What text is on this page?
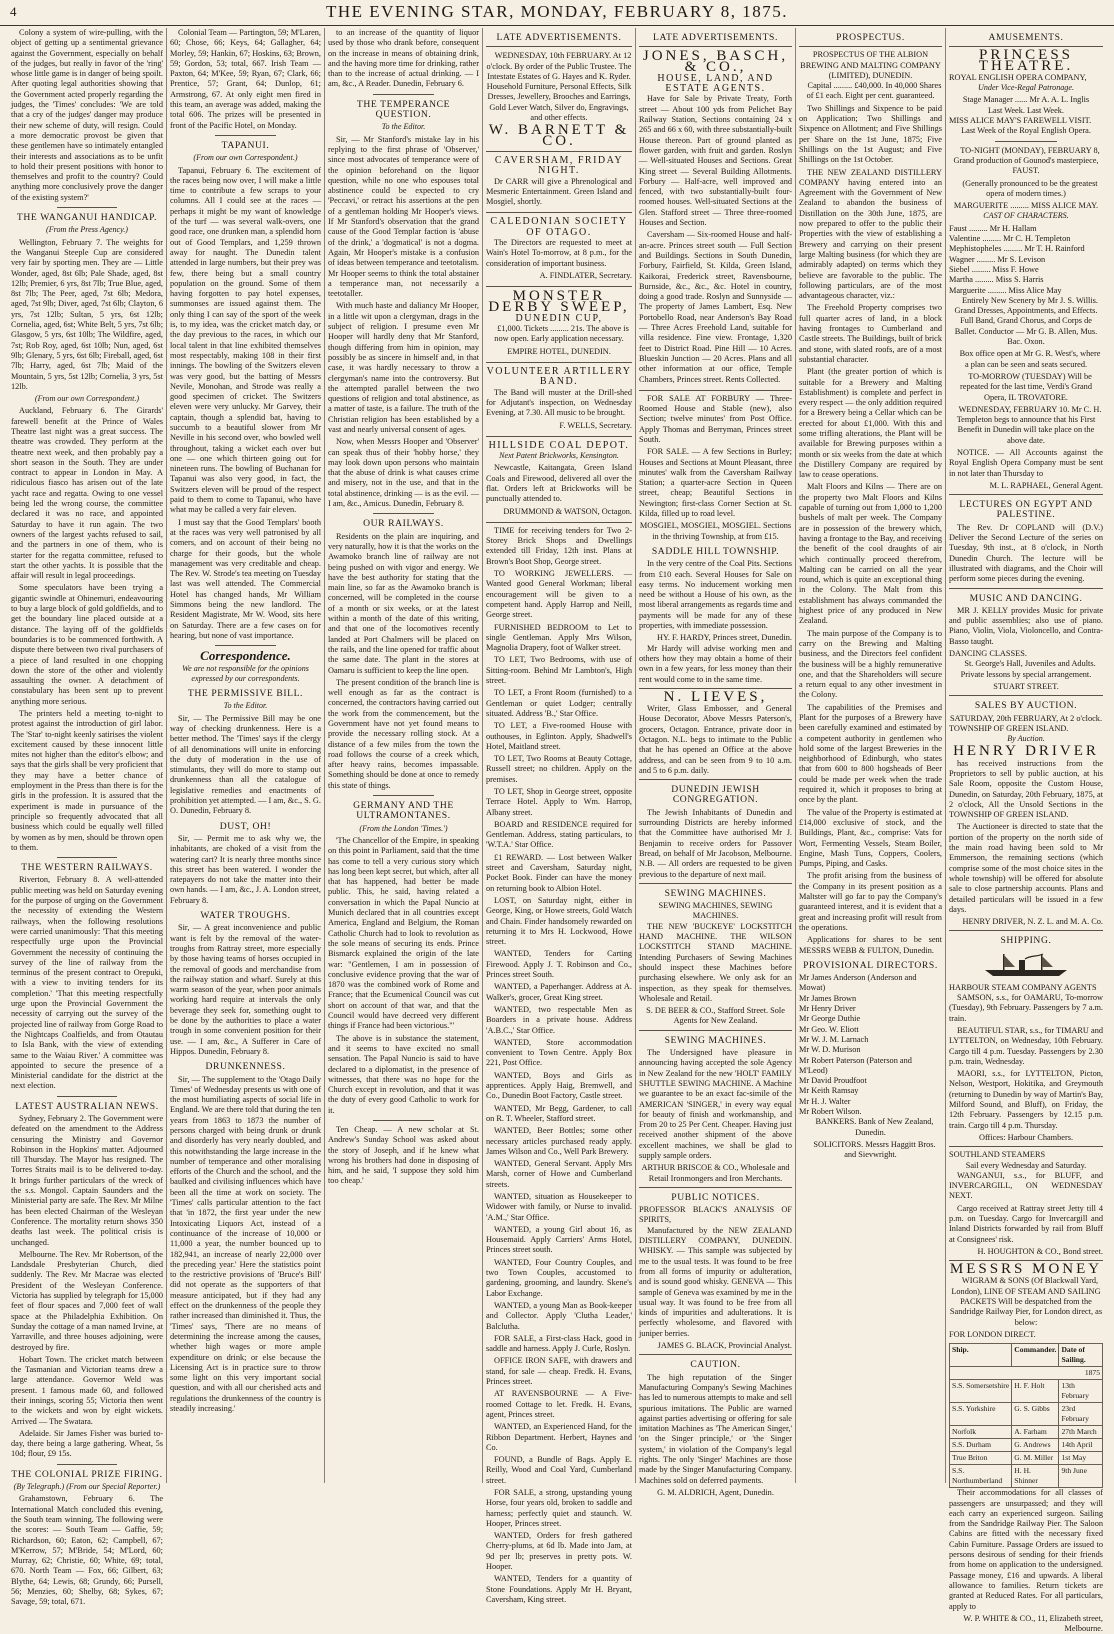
4	THE EVENING STAR, MONDAY, FEBRUARY 8, 1875.

Colony a system of wire-pulling, with the object of getting up a sentimental grievance against the Government, especially on behalf of the judges, but really in favor of the 'ring' whose little game is in danger of being spoilt. After quoting legal authorities showing that the Government acted properly regarding the judges, the 'Times' concludes: 'We are told that a cry of the judges' danger may produce their new scheme of duty, will resign. Could a more democratic provost be given that these gentlemen have so intimately entangled their interests and associations as to be unfit to hold their present positions with honor to themselves and profit to the country? Could anything more conclusively prove the danger of the existing system?'

THE WANGANUI HANDICAP.
(From the Press Agency.)

Wellington, February 7. The weights for the Wanganui Steeple Cup are considered very fair by sporting men. They are — Little Wonder, aged, 8st 6lb; Pale Shade, aged, 8st 12lb; Premier, 6 yrs, 8st 7lb; True Blue, aged, 8st 7lb; The Peer, aged, 7st 6lb; Medora, aged, 7st 9lb; Diver, aged, 7st 6lb; Clayton, 6 yrs, 7st 12lb; Sultan, 5 yrs, 6st 12lb; Cornelia, aged, 6st; White Belt, 5 yrs, 7st 6lb; Glasgow, 5 yrs, 6st 10lb; The Wildfire, aged, 7st; Rob Roy, aged, 6st 10lb; Nun, aged, 6st 9lb; Glenary, 5 yrs, 6st 6lb; Fireball, aged, 6st 7lb; Harry, aged, 6st 7lb; Maid of the Mountain, 5 yrs, 5st 12lb; Cornelia, 3 yrs, 5st 12lb.

(From our own Correspondent.)

Auckland, February 6. The Girards' farewell benefit at the Prince of Wales Theatre last night was a great success. The theatre was crowded. They perform at the theatre next week, and then probably pay a short season in the South. They are under contract to appear in London in May. A ridiculous fiasco has arisen out of the late yacht race and regatta. Owing to one vessel being led the wrong course, the committee declared it was no race, and appointed Saturday to have it run again. The two owners of the largest yachts refused to sail, and the partners in one of them, who is starter for the regatta committee, refused to start the other yachts. It is possible that the affair will result in legal proceedings.

Some speculators have been trying a gigantic swindle at Ohinemuri, endeavouring to buy a large block of gold goldfields, and to get the boundary line placed outside at a distance. The laying off of the goldfields boundaries is to be commenced forthwith. A dispute there between two rival purchasers of a piece of land resulted in one chopping down the store of the other and violently assaulting the owner. A detachment of constabulary has been sent up to prevent anything more serious.

The printers held a meeting to-night to protest against the introduction of girl labor. The 'Star' to-night keenly satirises the violent excitement caused by these innocent little mites not higher than the editor's elbow; and says that the girls shall be very proficient that they may have a better chance of employment in the Press than there is for the girls in the profession. It is assured that the experiment is made in pursuance of the principle so frequently advocated that all business which could be equally well filled by women as by men, should be thrown open to them.

THE WESTERN RAILWAYS.

Riverton, February 8. A well-attended public meeting was held on Saturday evening for the purpose of urging on the Government the necessity of extending the Western railways, when the following resolutions were carried unanimously: 'That this meeting respectfully urge upon the Provincial Government the necessity of continuing the survey of the line of railway from the terminus of the present contract to Orepuki, with a view to inviting tenders for its completion.' 'That this meeting respectfully urge upon the Provincial Government the necessity of carrying out the survey of the projected line of railway from Gorge Road to the Nightcaps Coalfields, and from Otautau to Isla Bank, with the view of extending same to the Waiau River.' A committee was appointed to secure the presence of a Ministerial candidate for the district at the next election.

LATEST AUSTRALIAN NEWS.

Sydney, February 2. The Government were defeated on the amendment to the Address censuring the Ministry and Governor Robinson in the Hopkins' matter. Adjourned till Thursday. The Mayor has resigned. The Torres Straits mail is to be delivered to-day. It brings further particulars of the wreck of the s.s. Mongol. Captain Saunders and the Ministerial party are safe. The Rev. Mr Milne has been elected Chairman of the Wesleyan Conference. The mortality return shows 350 deaths last week. The political crisis is unchanged.

Melbourne. The Rev. Mr Robertson, of the Landsdale Presbyterian Church, died suddenly. The Rev. Mr Macrae was elected President of the Wesleyan Conference. Victoria has supplied by telegraph for 15,000 feet of flour spaces and 7,000 feet of wall space at the Philadelphia Exhibition. On Sunday the cottage of a man named Irvine, at Yarraville, and three houses adjoining, were destroyed by fire.

Hobart Town. The cricket match between the Tasmanian and Victorian teams drew a large attendance. Governor Weld was present. 1 famous made 60, and followed their innings, scoring 55; Victoria then went to the wickets and won by eight wickets. Arrived — The Swatara.

Adelaide. Sir James Fisher was buried to-day, there being a large gathering. Wheat, 5s 10d; flour, £9 15s.

THE COLONIAL PRIZE FIRING.
(By Telegraph.) (From our Special Reporter.)

Grahamstown, February 6. The International Match concluded this evening, the South team winning. The following were the scores: — South Team — Gaffie, 59; Richardson, 60; Eaton, 62; Campbell, 67; M'Kerrow, 57; M'Bride, 54; M'Lord, 60; Murray, 62; Christie, 60; White, 69; total, 670. North Team — Fox, 66; Gilbert, 63; Blythe, 64; Lewis, 68; Grundy, 66; Pursell, 56; Menzies, 60; Shelby, 68; Sykes, 67; Savage, 59; total, 671.

Colonial Team — Partington, 59; M'Laren, 60; Chose, 66; Keys, 64; Gallagher, 64; Morley, 59; Hankin, 67; Hoskins, 63; Brown, 59; Gordon, 53; total, 667. Irish Team — Paxton, 64; M'Kee, 59; Ryan, 67; Clark, 66; Prentice, 57; Grant, 64; Dunlop, 61; Armstrong, 67. At only eight men fired in this team, an average was added, making the total 606. The prizes will be presented in front of the Pacific Hotel, on Monday.

TAPANUI.
(From our own Correspondent.)

Tapanui, February 6. The excitement of the races being now over, I will make a little time to contribute a few scraps to your columns. All I could see at the races — perhaps it might be my want of knowledge of the turf — was several walk-overs, one good race, one drunken man, a splendid horn out of Good Templars, and 1,259 thrown away for naught. The Dunedin talent attended in large numbers, but their prey was few, there being but a small country population on the ground. Some of them having forgotten to pay hotel expenses, summonses are issued against them. The only thing I can say of the sport of the week is, to my idea, was the cricket match day, or the day previous to the races, in which our local talent in that line exhibited themselves most respectably, making 108 in their first innings. The bowling of the Switzers eleven was very good, but the batting of Messrs Nevile, Monohan, and Strode was really a good specimen of cricket. The Switzers eleven were very unlucky. Mr Garvey, their captain, though a splendid bat, having to succumb to a beautiful slower from Mr Neville in his second over, who bowled well throughout, taking a wicket each over but one — one which thirteen going out for nineteen runs. The bowling of Buchanan for Tapanui was also very good, in fact, the Switzers eleven will be proud of the respect paid to them to come to Tapanui, who have what may be called a very fair eleven.

I must say that the Good Templars' booth at the races was very well patronised by all comers, and on account of their being no charge for their goods, but the whole management was very creditable and cheap. The Rev. W. Strode's tea meeting on Tuesday last was well attended. The Commercial Hotel has changed hands, Mr William Simmons being the new landlord. The Resident Magistrate, Mr W. Wood, sits here on Saturday. There are a few cases on for hearing, but none of vast importance.

Correspondence.
We are not responsible for the opinions expressed by our correspondents.
THE PERMISSIVE BILL.
To the Editor.

Sir, — The Permissive Bill may be one way of checking drunkenness. Here is a better method. The 'Times' says if the clergy of all denominations will unite in enforcing the duty of moderation in the use of stimulants, they will do more to stamp out drunkenness than all the catalogue of legislative remedies and enactments of prohibition yet attempted. — I am, &c., S. G. O. Dunedin, February 8.

DUST, OH!

Sir, — Permit me to ask why we, the inhabitants, are choked of a visit from the watering cart? It is nearly three months since this street has been watered. I wonder the ratepayers do not take the matter into their own hands. — I am, &c., J. A. London street, February 8.

WATER TROUGHS.

Sir, — A great inconvenience and public want is felt by the removal of the water-troughs from Rattray street, more especially by those having teams of horses occupied in the removal of goods and merchandise from the railway station and wharf. Surely at this warm season of the year, when poor animals working hard require at intervals the only beverage they seek for, something ought to be done by the authorities to place a water trough in some convenient position for their use. — I am, &c., A Sufferer in Care of Hippos. Dunedin, February 8.

DRUNKENNESS.

Sir, — The supplement to the 'Otago Daily Times' of Wednesday presents us with one of the most humiliating aspects of social life in England. We are there told that during the ten years from 1863 to 1873 the number of persons charged with being drunk or drunk and disorderly has very nearly doubled, and this notwithstanding the large increase in the number of temperance and other moralising efforts of the Church and the school, and the baulked and civilising influences which have been all the time at work on society. The 'Times' calls particular attention to the fact that 'in 1872, the first year under the new Intoxicating Liquors Act, instead of a continuance of the increase of 10,000 or 11,000 a year, the number bounced up to 182,941, an increase of nearly 22,000 over the preceding year.' Here the statistics point to the restrictive provisions of 'Bruce's Bill' did not operate as the supporters of that measure anticipated, but if they had any effect on the drunkenness of the people they rather increased than diminished it. Thus, the 'Times' says, 'There are no means of determining the increase among the causes, whether high wages or more ample expenditure on drink; or else because the Licensing Act is in practice sure to throw some light on this very important social question, and with all our cherished acts and regulations the drunkenness of the country is steadily increasing.'

to an increase of the quantity of liquor used by those who drank before, consequent on the increase in means of obtaining drink, and the having more time for drinking, rather than to the increase of actual drinking. — I am, &c., A Reader. Dunedin, February 6.

THE TEMPERANCE QUESTION.
To the Editor.

Sir, — Mr Stanford's mistake lay in his replying to the first phrase of 'Observer,' since most advocates of temperance were of the opinion beforehand on the liquor question, while no one who espouses total abstinence could be expected to cry 'Peccavi,' or retract his assertions at the pen of a gentleman holding Mr Hooper's views. If Mr Stanford's observation that the grand cause of the Good Templar faction is 'abuse of the drink,' a 'dogmatical' is not a dogma. Again, Mr Hooper's mistake is a confusion of ideas between temperance and teetotalism. Mr Hooper seems to think the total abstainer a temperance man, not necessarily a teetotaller.

With much haste and daliancy Mr Hooper, in a little wit upon a clergyman, drags in the subject of religion. I presume even Mr Hooper will hardly deny that Mr Stanford, though differing from him in opinion, may possibly be as sincere in himself and, in that case, it was hardly necessary to throw a clergyman's name into the controversy. But the attempted parallel between the two questions of religion and total abstinence, as a matter of taste, is a failure. The truth of the Christian religion has been established by a vast and nearly universal consent of ages.

Now, when Messrs Hooper and 'Observer' can speak thus of their 'hobby horse,' they may look down upon persons who maintain that the abuse of drink is what causes crime and misery, not in the use, and that in the total abstinence, drinking — is as the evil. — I am, &c., Amicus. Dunedin, February 8.

OUR RAILWAYS.

Residents on the plain are inquiring, and very naturally, how it is that the works on the Awamoko branch line of railway are not being pushed on with vigor and energy. We have the best authority for stating that the main line, so far as the Awamoko branch is concerned, will be completed in the course of a month or six weeks, or at the latest within a month of the date of this writing, and that one of the locomotives recently landed at Port Chalmers will be placed on the rails, and the line opened for traffic about the same date. The plant in the stores at Oamaru is sufficient to keep the line open.

The present condition of the branch line is well enough as far as the contract is concerned, the contractors having carried out the work from the commencement, but the Government have not yet found means to provide the necessary rolling stock. At a distance of a few miles from the town the road follows the course of a creek which, after heavy rains, becomes impassable. Something should be done at once to remedy this state of things.

GERMANY AND THE ULTRAMONTANES.
(From the London 'Times.')

'The Chancellor of the Empire, in speaking on this point in Parliament, said that the time has come to tell a very curious story which has long been kept secret, but which, after all that has happened, had better be made public. This, he said, having related a conversation in which the Papal Nuncio at Munich declared that in all countries except America, England and Belgium, the Roman Catholic Church had to look to revolution as the sole means of securing its ends. Prince Bismarck explained the origin of the late war: "Gentlemen, I am in possession of conclusive evidence proving that the war of 1870 was the combined work of Rome and France; that the Ecumenical Council was cut short on account of that war, and that the Council would have decreed very different things if France had been victorious."'

The above is in substance the statement, and it seems to have excited no small sensation. The Papal Nuncio is said to have declared to a diplomatist, in the presence of witnesses, that there was no hope for the Church except in revolution, and that it was the duty of every good Catholic to work for it.

Ten Cheap. — A new scholar at St. Andrew's Sunday School was asked about the story of Joseph, and if he knew what wrong his brothers had done in disposing of him, and he said, 'I suppose they sold him too cheap.'

LATE ADVERTISEMENTS.

WEDNESDAY, 10th FEBRUARY. At 12 o'clock. By order of the Public Trustee. The Intestate Estates of G. Hayes and K. Ryder. Household Furniture, Personal Effects, Silk Dresses, Jewellery, Brooches and Earrings, Gold Lever Watch, Silver do, Engravings, and other effects.

W. BARNETT & CO.
CAVERSHAM, FRIDAY NIGHT.

Dr CARR will give a Phrenological and Mesmeric Entertainment. Green Island and Mosgiel, shortly.

CALEDONIAN SOCIETY OF OTAGO.

The Directors are requested to meet at Wain's Hotel To-morrow, at 8 p.m., for the consideration of important business.

A. FINDLATER, Secretary.
MONSTER DERBY SWEEP,
DUNEDIN CUP,

£1,000. Tickets ......... 21s. The above is now open. Early application necessary.

EMPIRE HOTEL, DUNEDIN.
VOLUNTEER ARTILLERY BAND.

The Band will muster at the Drill-shed for Adjutant's inspection, on Wednesday Evening, at 7.30. All music to be brought.

F. WELLS, Secretary.
HILLSIDE COAL DEPOT.
Next Patent Brickworks, Kensington.

Newcastle, Kaitangata, Green Island Coals and Firewood, delivered all over the flat. Orders left at Brickworks will be punctually attended to.

DRUMMOND & WATSON, Octagon.

TIME for receiving tenders for Two 2-Storey Brick Shops and Dwellings extended till Friday, 12th inst. Plans at Brown's Boot Shop, George street.

TO WORKING JEWELLERS. — Wanted good General Workman; liberal encouragement will be given to a competent hand. Apply Harrop and Neill, George street.

FURNISHED BEDROOM to Let to single Gentleman. Apply Mrs Wilson, Magnolia Drapery, foot of Walker street.

TO LET, Two Bedrooms, with use of Sitting-room. Behind Mr Lambton's, High street.

TO LET, a Front Room (furnished) to a Gentleman or quiet Lodger; centrally situated. Address 'B.,' Star Office.

TO LET, a Five-roomed House with outhouses, in Eglinton. Apply, Shadwell's Hotel, Maitland street.

TO LET, Two Rooms at Beauty Cottage, Russell street; no children. Apply on the premises.

TO LET, Shop in George street, opposite Terrace Hotel. Apply to Wm. Harrop, Albany street.

BOARD and RESIDENCE required for Gentleman. Address, stating particulars, to 'W.T.A.' Star Office.

£1 REWARD. — Lost between Walker street and Caversham, Saturday night, Pocket Book. Finder can have the money on returning book to Albion Hotel.

LOST, on Saturday night, either in George, King, or Howe streets, Gold Watch and Chain. Finder handsomely rewarded on returning it to Mrs H. Lockwood, Howe street.

WANTED, Tenders for Carting Firewood. Apply J. T. Robinson and Co., Princes street South.

WANTED, a Paperhanger. Address at A. Walker's, grocer, Great King street.

WANTED, two respectable Men as Boarders in a private house. Address 'A.B.C.,' Star Office.

WANTED, Store accommodation convenient to Town Centre. Apply Box 221, Post Office.

WANTED, Boys and Girls as apprentices. Apply Haig, Bremwell, and Co., Dunedin Boot Factory, Castle street.

WANTED, Mr Begg, Gardener, to call on R. T. Wheeler, Stafford street.

WANTED, Beer Bottles; some other necessary articles purchased ready apply. James Wilson and Co., Well Park Brewery.

WANTED, General Servant. Apply Mrs Marsh, corner of Howe and Cumberland streets.

WANTED, situation as Housekeeper to Widower with family, or Nurse to invalid. 'A.M.,' Star Office.

WANTED, a young Girl about 16, as Housemaid. Apply Carriers' Arms Hotel, Princes street south.

WANTED, Four Country Couples, and two Town Couples, accustomed to gardening, grooming, and laundry. Skene's Labor Exchange.

WANTED, a young Man as Book-keeper and Collector. Apply 'Clutha Leader,' Balclutha.

FOR SALE, a First-class Hack, good in saddle and harness. Apply J. Curle, Roslyn.

OFFICE IRON SAFE, with drawers and stand, for sale — cheap. Fredk. H. Evans, Princes street.

AT RAVENSBOURNE — A Five-roomed Cottage to let. Fredk. H. Evans, agent, Princes street.

WANTED, an Experienced Hand, for the Ribbon Department. Herbert, Haynes and Co.

FOUND, a Bundle of Bags. Apply E. Reilly, Wood and Coal Yard, Cumberland street.

FOR SALE, a strong, upstanding young Horse, four years old, broken to saddle and harness; perfectly quiet and staunch. W. Hooper, Princes street.

WANTED, Orders for fresh gathered Cherry-plums, at 6d lb. Made into Jam, at 9d per lb; preserves in pretty pots. W. Hooper.

WANTED, Tenders for a quantity of Stone Foundations. Apply Mr H. Bryant, Caversham, King street.

LATE ADVERTISEMENTS.
JONES, BASCH, & CO.,
HOUSE, LAND, AND ESTATE AGENTS.

Have for Sale by Private Treaty, Forth street — About 100 yds from Pelichet Bay Railway Station, Sections containing 24 x 265 and 66 x 60, with three substantially-built House thereon. Part of ground planted as flower garden, with fruit and garden. Roslyn — Well-situated Houses and Sections. Great King street — Several Building Allotments. Forbury — Half-acre, well improved and fenced, with two substantially-built four-roomed houses. Well-situated Sections at the Glen. Stafford street — Three three-roomed Houses and Section.

Caversham — Six-roomed House and half-an-acre. Princes street south — Full Section and Buildings. Sections in South Dunedin, Forbury, Fairfield, St. Kilda, Green Island, Kaikorai, Frederick street, Ravensbourne, Burnside, &c., &c., &c. Hotel in country, doing a good trade. Roslyn and Sunnyside — The property of James Lambert, Esq. New Portobello Road, near Anderson's Bay Road — Three Acres Freehold Land, suitable for villa residence. Fine view. Frontage, 1,320 feet to District Road. Pine Hill — 10 Acres. Blueskin Junction — 20 Acres. Plans and all other information at our office, Temple Chambers, Princes street. Rents Collected.

FOR SALE AT FORBURY — Three-Roomed House and Stable (new), also Section; twelve minutes' from Post Office. Apply Thomas and Berryman, Princes street South.

FOR SALE. — A few Sections in Burley; Houses and Sections at Mount Pleasant, three minutes' walk from the Caversham Railway Station; a quarter-acre Section in Queen street, cheap; Beautiful Sections in Newington; first-class Corner Section at St. Kilda, filled up to road level.

MOSGIEL, MOSGIEL, MOSGIEL. Sections in the thriving Township, at from £15.
SADDLE HILL TOWNSHIP.

In the very centre of the Coal Pits. Sections from £10 each. Several Houses for Sale on easy terms. No inducement working men need be without a House of his own, as the most liberal arrangements as regards time and payments will be made for any of these properties, with immediate possession.

HY. F. HARDY, Princes street, Dunedin.

Mr Hardy will advise working men and others how they may obtain a home of their own in a few years, for less money than their rent would come to in the same time.

N. LIEVES,

Writer, Glass Embosser, and General House Decorator, Above Messrs Paterson's, grocers, Octagon. Entrance, private door in Octagon. N.L. begs to intimate to the Public that he has opened an Office at the above address, and can be seen from 9 to 10 a.m. and 5 to 6 p.m. daily.

DUNEDIN JEWISH CONGREGATION.

The Jewish Inhabitants of Dunedin and surrounding Districts are hereby informed that the Committee have authorised Mr J. Benjamin to receive orders for Passover Bread, on behalf of Mr Jacobson, Melbourne. N.B. — All orders are requested to be given previous to the departure of next mail.

SEWING MACHINES.
SEWING MACHINES, SEWING MACHINES.

THE NEW 'BUCKEYE' LOCKSTITCH HAND MACHINE. THE WILSON LOCKSTITCH STAND MACHINE. Intending Purchasers of Sewing Machines should inspect these Machines before purchasing elsewhere. We only ask for an inspection, as they speak for themselves. Wholesale and Retail.

S. DE BEER & CO., Stafford Street. Sole Agents for New Zealand.
SEWING MACHINES.

The Undersigned have pleasure in announcing having accepted the sole Agency in New Zealand for the new 'HOLT' FAMILY SHUTTLE SEWING MACHINE. A Machine we guarantee to be an exact fac-simile of the AMERICAN 'SINGER,' in every way equal for beauty of finish and workmanship, and From 20 to 25 Per Cent. Cheaper. Having just received another shipment of the above excellent machines, we shall be glad to supply sample orders.

ARTHUR BRISCOE & CO., Wholesale and Retail Ironmongers and Iron Merchants.
PUBLIC NOTICES.
PROFESSOR BLACK'S ANALYSIS OF SPIRITS,

Manufactured by the NEW ZEALAND DISTILLERY COMPANY, DUNEDIN. WHISKY. — This sample was subjected by me to the usual tests. It was found to be free from all forms of impurity or adulteration, and is sound good whisky. GENEVA — This sample of Geneva was examined by me in the usual way. It was found to be free from all kinds of impurities and adulterations. It is perfectly wholesome, and flavored with juniper berries.

JAMES G. BLACK, Provincial Analyst.
CAUTION.

The high reputation of the Singer Manufacturing Company's Sewing Machines has led to numerous attempts to make and sell spurious imitations. The Public are warned against parties advertising or offering for sale imitation Machines as 'The American Singer,' 'on the Singer principle,' or 'the Singer system,' in violation of the Company's legal rights. The only 'Singer' Machines are those made by the Singer Manufacturing Company. Machines sold on deferred payments.

G. M. ALDRICH, Agent, Dunedin.
PROSPECTUS.
PROSPECTUS OF THE ALBION BREWING AND MALTING COMPANY (LIMITED), DUNEDIN.

Capital ......... £40,000. In 40,000 Shares of £1 each. Eight per cent. guaranteed.

Two Shillings and Sixpence to be paid on Application; Two Shillings and Sixpence on Allotment; and Five Shillings per Share on the 1st June, 1875; Five Shillings on the 1st August; and Five Shillings on the 1st October.

THE NEW ZEALAND DISTILLERY COMPANY having entered into an Agreement with the Government of New Zealand to abandon the business of Distillation on the 30th June, 1875, are now prepared to offer to the public their Properties with the view of establishing a Brewery and carrying on their present large Malting business (for which they are admirably adapted) on terms which they believe are favorable to the public. The following particulars, are of the most advantageous character, viz.:

The Freehold Property comprises two full quarter acres of land, in a block having frontages to Cumberland and Castle streets. The Buildings, built of brick and stone, with slated roofs, are of a most substantial character.

Plant (the greater portion of which is suitable for a Brewery and Malting Establishment) is complete and perfect in every respect — the only addition required for a Brewery being a Cellar which can be erected for about £1,000. With this and some trifling alterations, the Plant will be available for Brewing purposes within a month or six weeks from the date at which the Distillery Company are required by law to cease operations.

Malt Floors and Kilns — There are on the property two Malt Floors and Kilns capable of turning out from 1,000 to 1,200 bushels of malt per week. The Company are in possession of the brewery which, having a frontage to the Bay, and receiving the benefit of the cool draughts of air which continually proceed therefrom, Malting can be carried on all the year round, which is quite an exceptional thing in the Colony. The Malt from this establishment has always commanded the highest price of any produced in New Zealand.

The main purpose of the Company is to carry on the Brewing and Malting business, and the Directors feel confident the business will be a highly remunerative one, and that the Shareholders will secure a return equal to any other investment in the Colony.

The capabilities of the Premises and Plant for the purposes of a Brewery have been carefully examined and estimated by a competent authority in gentlemen who hold some of the largest Breweries in the neighborhood of Edinburgh, who states that from 600 to 800 hogsheads of Beer could be made per week when the trade required it, which it proposes to bring at once by the plant.

The value of the Property is estimated at £14,000 exclusive of stock, and the Buildings, Plant, &c., comprise: Vats for Wort, Fermenting Vessels, Steam Boiler, Engine, Mash Tuns, Coppers, Coolers, Pumps, Piping, and Casks.

The profit arising from the business of the Company in its present position as a Maltster will go far to pay the Company's guaranteed interest, and it is evident that a great and increasing profit will result from the operations.

Applications for shares to be sent MESSRS WEBB & FULTON, Dunedin.

PROVISIONAL DIRECTORS.
Mr James Anderson (Anderson and Mowat)
Mr James Brown
Mr Henry Driver
Mr George Duthie
Mr Geo. W. Eliott
Mr W. J. M. Larnach
Mr W. D. Murison
Mr Robert Paterson (Paterson and M'Leod)
Mr David Proudfoot
Mr Keith Ramsay
Mr H. J. Walter
Mr Robert Wilson.

BANKERS. Bank of New Zealand, Dunedin.

SOLICITORS. Messrs Haggitt Bros. and Sievwright.

AMUSEMENTS.
PRINCESS THEATRE.
ROYAL ENGLISH OPERA COMPANY,
Under Vice-Regal Patronage.
Stage Manager ...... Mr A. A. L. Inglis
Last Week. Last Week.
MISS ALICE MAY'S FAREWELL VISIT.
Last Week of the Royal English Opera.

TO-NIGHT (MONDAY), FEBRUARY 8, Grand production of Gounod's masterpiece, FAUST.

(Generally pronounced to be the greatest opera of modern times.)

MARGUERITE ......... MISS ALICE MAY.
CAST OF CHARACTERS.
Faust ......... Mr H. Hallam
Valentine ......... Mr C. H. Templeton
Mephistopheles ......... Mr T. H. Rainford
Wagner ......... Mr S. Levison
Siebel ......... Miss F. Howe
Martha ......... Miss S. Harris
Marguerite ......... Miss Alice May

Entirely New Scenery by Mr J. S. Willis. Grand Dresses, Appointments, and Effects. Full Band, Grand Chorus, and Corps de Ballet. Conductor — Mr G. B. Allen, Mus. Bac. Oxon.

Box office open at Mr G. R. West's, where a plan can be seen and seats secured.

TO-MORROW (TUESDAY) Will be repeated for the last time, Verdi's Grand Opera, IL TROVATORE.

WEDNESDAY, FEBRUARY 10. Mr C. H. Templeton begs to announce that his First Benefit in Dunedin will take place on the above date.

NOTICE. — All Accounts against the Royal English Opera Company must be sent in not later than Thursday to

M. L. RAPHAEL, General Agent.
LECTURES ON EGYPT AND PALESTINE.

The Rev. Dr COPLAND will (D.V.) Deliver the Second Lecture of the series on Tuesday, 9th inst., at 8 o'clock, in North Dunedin Church. The lecture will be illustrated with diagrams, and the Choir will perform some pieces during the evening.

MUSIC AND DANCING.

MR J. KELLY provides Music for private and public assemblies; also use of piano. Piano, Violin, Viola, Violoncello, and Contra-Basso taught.

DANCING CLASSES.

St. George's Hall, Juveniles and Adults. Private lessons by special arrangement.

STUART STREET.
SALES BY AUCTION.
SATURDAY, 20th FEBRUARY, At 2 o'clock.
TOWNSHIP OF GREEN ISLAND.
By Auction.
HENRY DRIVER

has received instructions from the Proprietors to sell by public auction, at his Sale Room, opposite the Custom House, Dunedin, on Saturday, 20th February, 1875, at 2 o'clock, All the Unsold Sections in the TOWNSHIP OF GREEN ISLAND.

The Auctioneer is directed to state that the portion of the property on the north side of the main road having been sold to Mr Emmerson, the remaining sections (which comprise some of the most choice sites in the whole township) will be offered for absolute sale to close partnership accounts. Plans and detailed particulars will be issued in a few days.

HENRY DRIVER, N. Z. L. and M. A. Co.
SHIPPING.
HARBOUR STEAM COMPANY AGENTS

SAMSON, s.s., for OAMARU, To-morrow (Tuesday), 9th February. Passengers by 7 a.m. train.

BEAUTIFUL STAR, s.s., for TIMARU and LYTTELTON, on Wednesday, 10th February. Cargo till 4 p.m. Tuesday. Passengers by 2.30 p.m. train, Wednesday.

MAORI, s.s., for LYTTELTON, Picton, Nelson, Westport, Hokitika, and Greymouth (returning to Dunedin by way of Martin's Bay, Milford Sound, and Bluff), on Friday, the 12th February. Passengers by 12.15 p.m. train. Cargo till 4 p.m. Thursday.

Offices: Harbour Chambers.
SOUTHLAND STEAMERS
Sail every Wednesday and Saturday.

WANGANUI, s.s., for BLUFF, and INVERCARGILL, ON WEDNESDAY NEXT.

Cargo received at Rattray street Jetty till 4 p.m. on Tuesday. Cargo for Invercargill and Inland Districts forwarded by rail from Bluff at Consignees' risk.

H. HOUGHTON & CO., Bond street.
MESSRS MONEY

WIGRAM & SONS (Of Blackwall Yard, London), LINE OF STEAM AND SAILING PACKETS Will be despatched from the Sandridge Railway Pier, for London direct, as below:

FOR LONDON DIRECT.
Ship.	Commander.	Date of Sailing.
1875		
S.S. Somersetshire	H. F. Holt	13th February
S.S. Yorkshire	G. S. Gibbs	23rd February
Norfolk	A. Farham	27th March
S.S. Durham	G. Andrews	14th April
True Briton	G. M. Miller	1st May
S.S. Northumberland	H. H. Shinner	9th June

Their accommodations for all classes of passengers are unsurpassed; and they will each carry an experienced surgeon. Sailing from the Sandridge Railway Pier. The Saloon Cabins are fitted with the necessary fixed Cabin Furniture. Passage Orders are issued to persons desirous of sending for their friends from home on application to the undersigned. Passage money, £16 and upwards. A liberal allowance to families. Return tickets are granted at Reduced Rates. For all particulars, apply to

W. P. WHITE & CO., 11, Elizabeth street, Melbourne.
